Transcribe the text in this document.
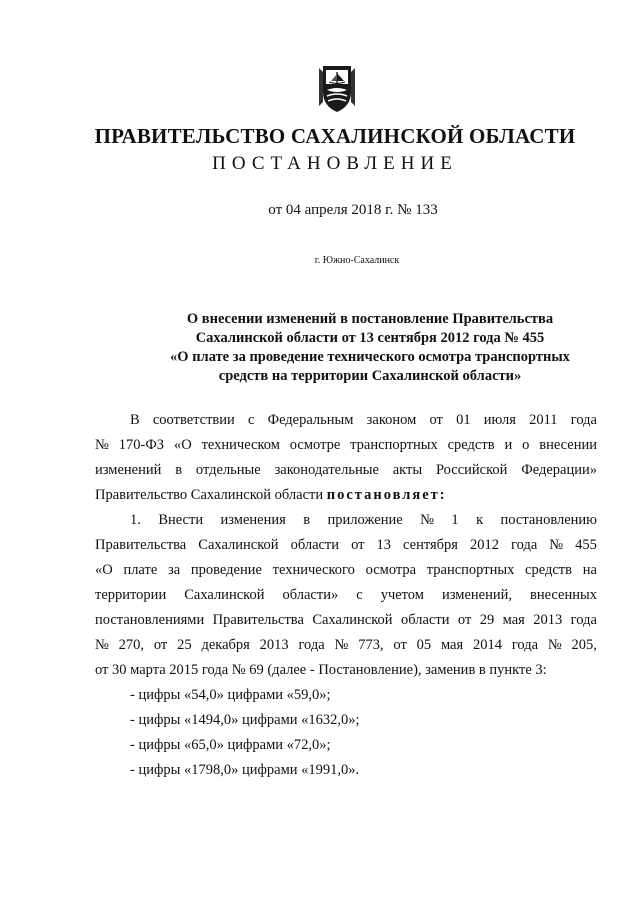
ПРАВИТЕЛЬСТВО САХАЛИНСКОЙ ОБЛАСТИ
ПОСТАНОВЛЕНИЕ
от 04 апреля 2018 г. № 133
г. Южно-Сахалинск
О внесении изменений в постановление Правительства
Сахалинской области от 13 сентября 2012 года № 455
«О плате за проведение технического осмотра транспортных
средств на территории Сахалинской области»
В соответствии с Федеральным законом от 01 июля 2011 года
№ 170-ФЗ «О техническом осмотре транспортных средств и о внесении
изменений в отдельные законодательные акты Российской Федерации»
Правительство Сахалинской области
постановляет:
1. Внести изменения в приложение № 1 к постановлению
Правительства Сахалинской области от 13 сентября 2012 года № 455
«О плате за проведение технического осмотра транспортных средств на
территории Сахалинской области» с учетом изменений, внесенных
постановлениями Правительства Сахалинской области от 29 мая 2013 года
№ 270, от 25 декабря 2013 года № 773, от 05 мая 2014 года № 205,
от 30 марта 2015 года № 69 (далее - Постановление), заменив в пункте 3:
- цифры «54,0» цифрами «59,0»;
- цифры «1494,0» цифрами «1632,0»;
- цифры «65,0» цифрами «72,0»;
- цифры «1798,0» цифрами «1991,0».
